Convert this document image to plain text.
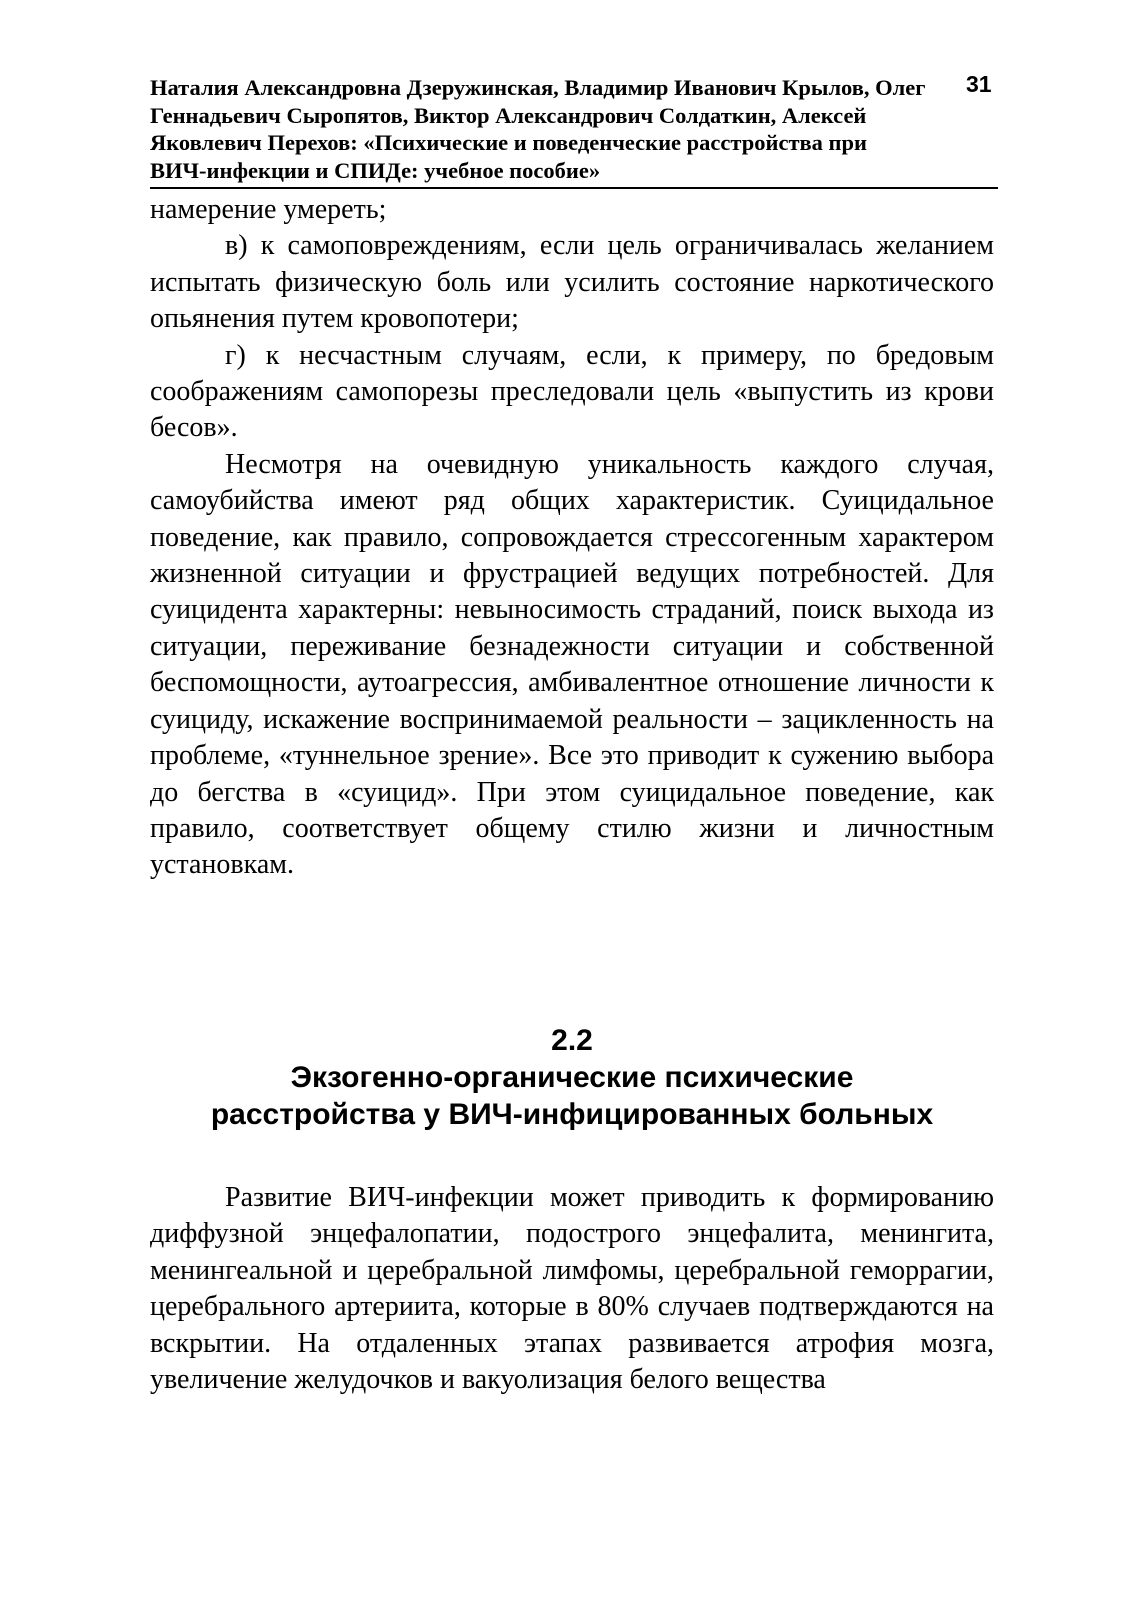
Наталия Александровна Дзеружинская, Владимир Иванович Крылов, Олег
Геннадьевич Сыропятов, Виктор Александрович Солдаткин, Алексей
Яковлевич Перехов: «Психические и поведенческие расстройства при
ВИЧ-инфекции и СПИДе: учебное пособие»
31

намерение умереть;

в) к самоповреждениям, если цель ограничивалась желанием испытать физическую боль или усилить состояние наркотического опьянения путем кровопотери;

г) к несчастным случаям, если, к примеру, по бредовым соображениям самопорезы преследовали цель «выпустить из крови бесов».

Несмотря на очевидную уникальность каждого случая, самоубийства имеют ряд общих характеристик. Суицидальное поведение, как правило, сопровождается стрессогенным характером жизненной ситуации и фрустрацией ведущих потребностей. Для суицидента характерны: невыносимость страданий, поиск выхода из ситуации, переживание безнадежности ситуации и собственной беспомощности, аутоагрессия, амбивалентное отношение личности к суициду, искажение воспринимаемой реальности – зацикленность на проблеме, «туннельное зрение». Все это приводит к сужению выбора до бегства в «суицид». При этом суицидальное поведение, как правило, соответствует общему стилю жизни и личностным установкам.

2.2
Экзогенно-органические психические
расстройства у ВИЧ-инфицированных больных

Развитие ВИЧ-инфекции может приводить к формированию диффузной энцефалопатии, подострого энцефалита, менингита, менингеальной и церебральной лимфомы, церебральной геморрагии, церебрального артериита, которые в 80% случаев подтверждаются на вскрытии. На отдаленных этапах развивается атрофия мозга, увеличение желудочков и вакуолизация белого вещества
